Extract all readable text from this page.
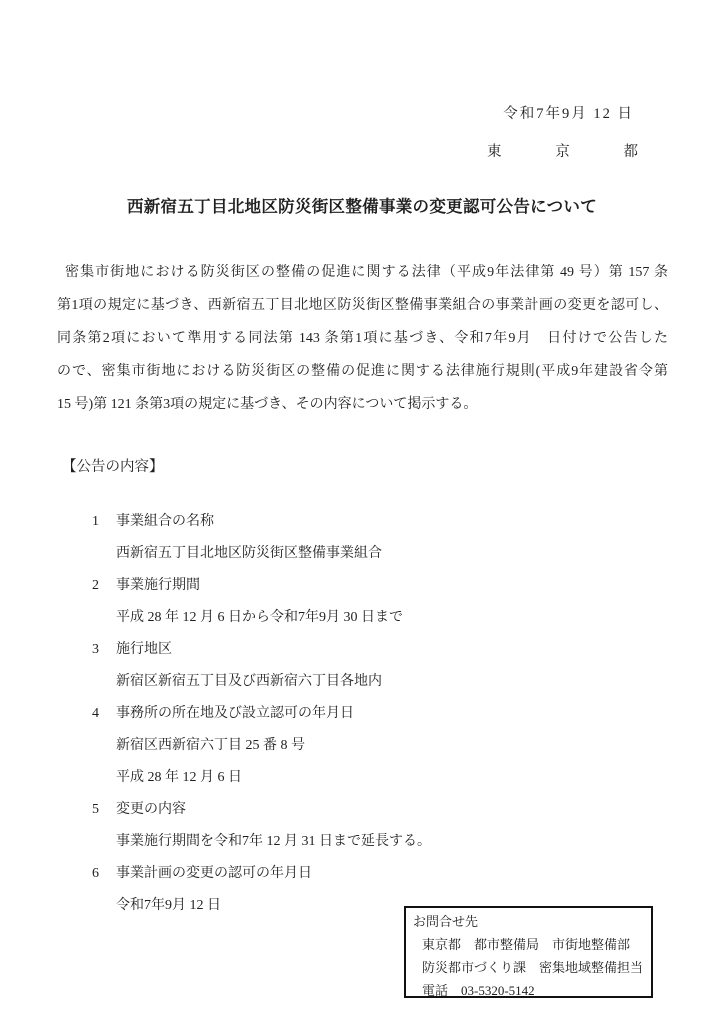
令和7年9月 12 日
東	京	都
西新宿五丁目北地区防災街区整備事業の変更認可公告について
密集市街地における防災街区の整備の促進に関する法律（平成9年法律第 49 号）第 157 条
第1項の規定に基づき、西新宿五丁目北地区防災街区整備事業組合の事業計画の変更を認可し、
同条第2項において準用する同法第 143 条第1項に基づき、令和7年9月　日付けで公告した
ので、密集市街地における防災街区の整備の促進に関する法律施行規則(平成9年建設省令第
15 号)第 121 条第3項の規定に基づき、その内容について掲示する。
【公告の内容】
1 事業組合の名称
西新宿五丁目北地区防災街区整備事業組合
2 事業施行期間
平成 28 年 12 月 6 日から令和7年9月 30 日まで
3 施行地区
新宿区新宿五丁目及び西新宿六丁目各地内
4 事務所の所在地及び設立認可の年月日
新宿区西新宿六丁目 25 番 8 号
平成 28 年 12 月 6 日
5 変更の内容
事業施行期間を令和7年 12 月 31 日まで延長する。
6 事業計画の変更の認可の年月日
令和7年9月 12 日
お問合せ先
東京都　都市整備局　市街地整備部
防災都市づくり課　密集地域整備担当
電話　03-5320-5142
